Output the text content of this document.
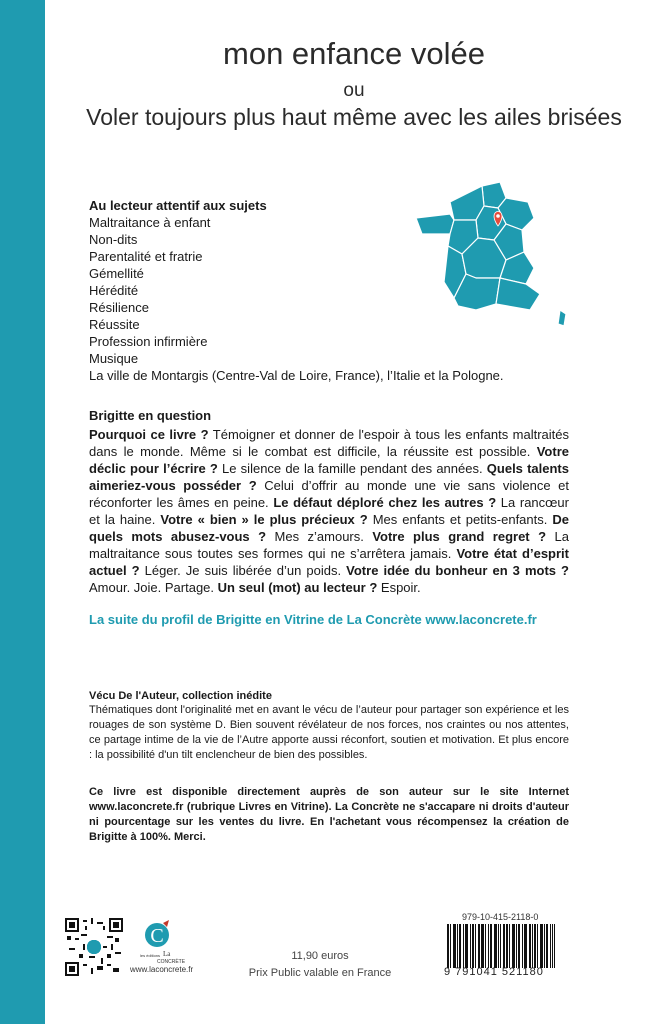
mon enfance volée
ou
Voler toujours plus haut même avec les ailes brisées
Au lecteur attentif aux sujets
Maltraitance à enfant
Non-dits
Parentalité et fratrie
Gémellité
Hérédité
Résilience
Réussite
Profession infirmière
Musique
La ville de Montargis (Centre-Val de Loire, France), l’Italie et la Pologne.
Brigitte en question
Pourquoi ce livre ? Témoigner et donner de l'espoir à tous les enfants maltraités dans le monde. Même si le combat est difficile, la réussite est possible. Votre déclic pour l’écrire ? Le silence de la famille pendant des années. Quels talents aimeriez-vous posséder ? Celui d’offrir au monde une vie sans violence et réconforter les âmes en peine. Le défaut déploré chez les autres ? La rancœur et la haine. Votre « bien » le plus précieux ? Mes enfants et petits-enfants. De quels mots abusez-vous ? Mes z’amours. Votre plus grand regret ? La maltraitance sous toutes ses formes qui ne s’arrêtera jamais. Votre état d’esprit actuel ? Léger. Je suis libérée d’un poids. Votre idée du bonheur en 3 mots ? Amour. Joie. Partage. Un seul (mot) au lecteur ? Espoir.
La suite du profil de Brigitte en Vitrine de La Concrète www.laconcrete.fr
Vécu De l'Auteur, collection inédite
Thématiques dont l'originalité met en avant le vécu de l’auteur pour partager son expérience et les rouages de son système D. Bien souvent révélateur de nos forces, nos craintes ou nos attentes, ce partage intime de la vie de l’Autre apporte aussi réconfort, soutien et motivation. Et plus encore : la possibilité d'un tilt enclencheur de bien des possibles.
Ce livre est disponible directement auprès de son auteur sur le site Internet www.laconcrete.fr (rubrique Livres en Vitrine). La Concrète ne s'accapare ni droits d'auteur ni pourcentage sur les ventes du livre. En l'achetant vous récompensez la création de Brigitte à 100%. Merci.
C
les éditions La
CONCRÈTE
www.laconcrete.fr
11,90 euros
Prix Public valable en France
979-10-415-2118-0
9 791041 521180
